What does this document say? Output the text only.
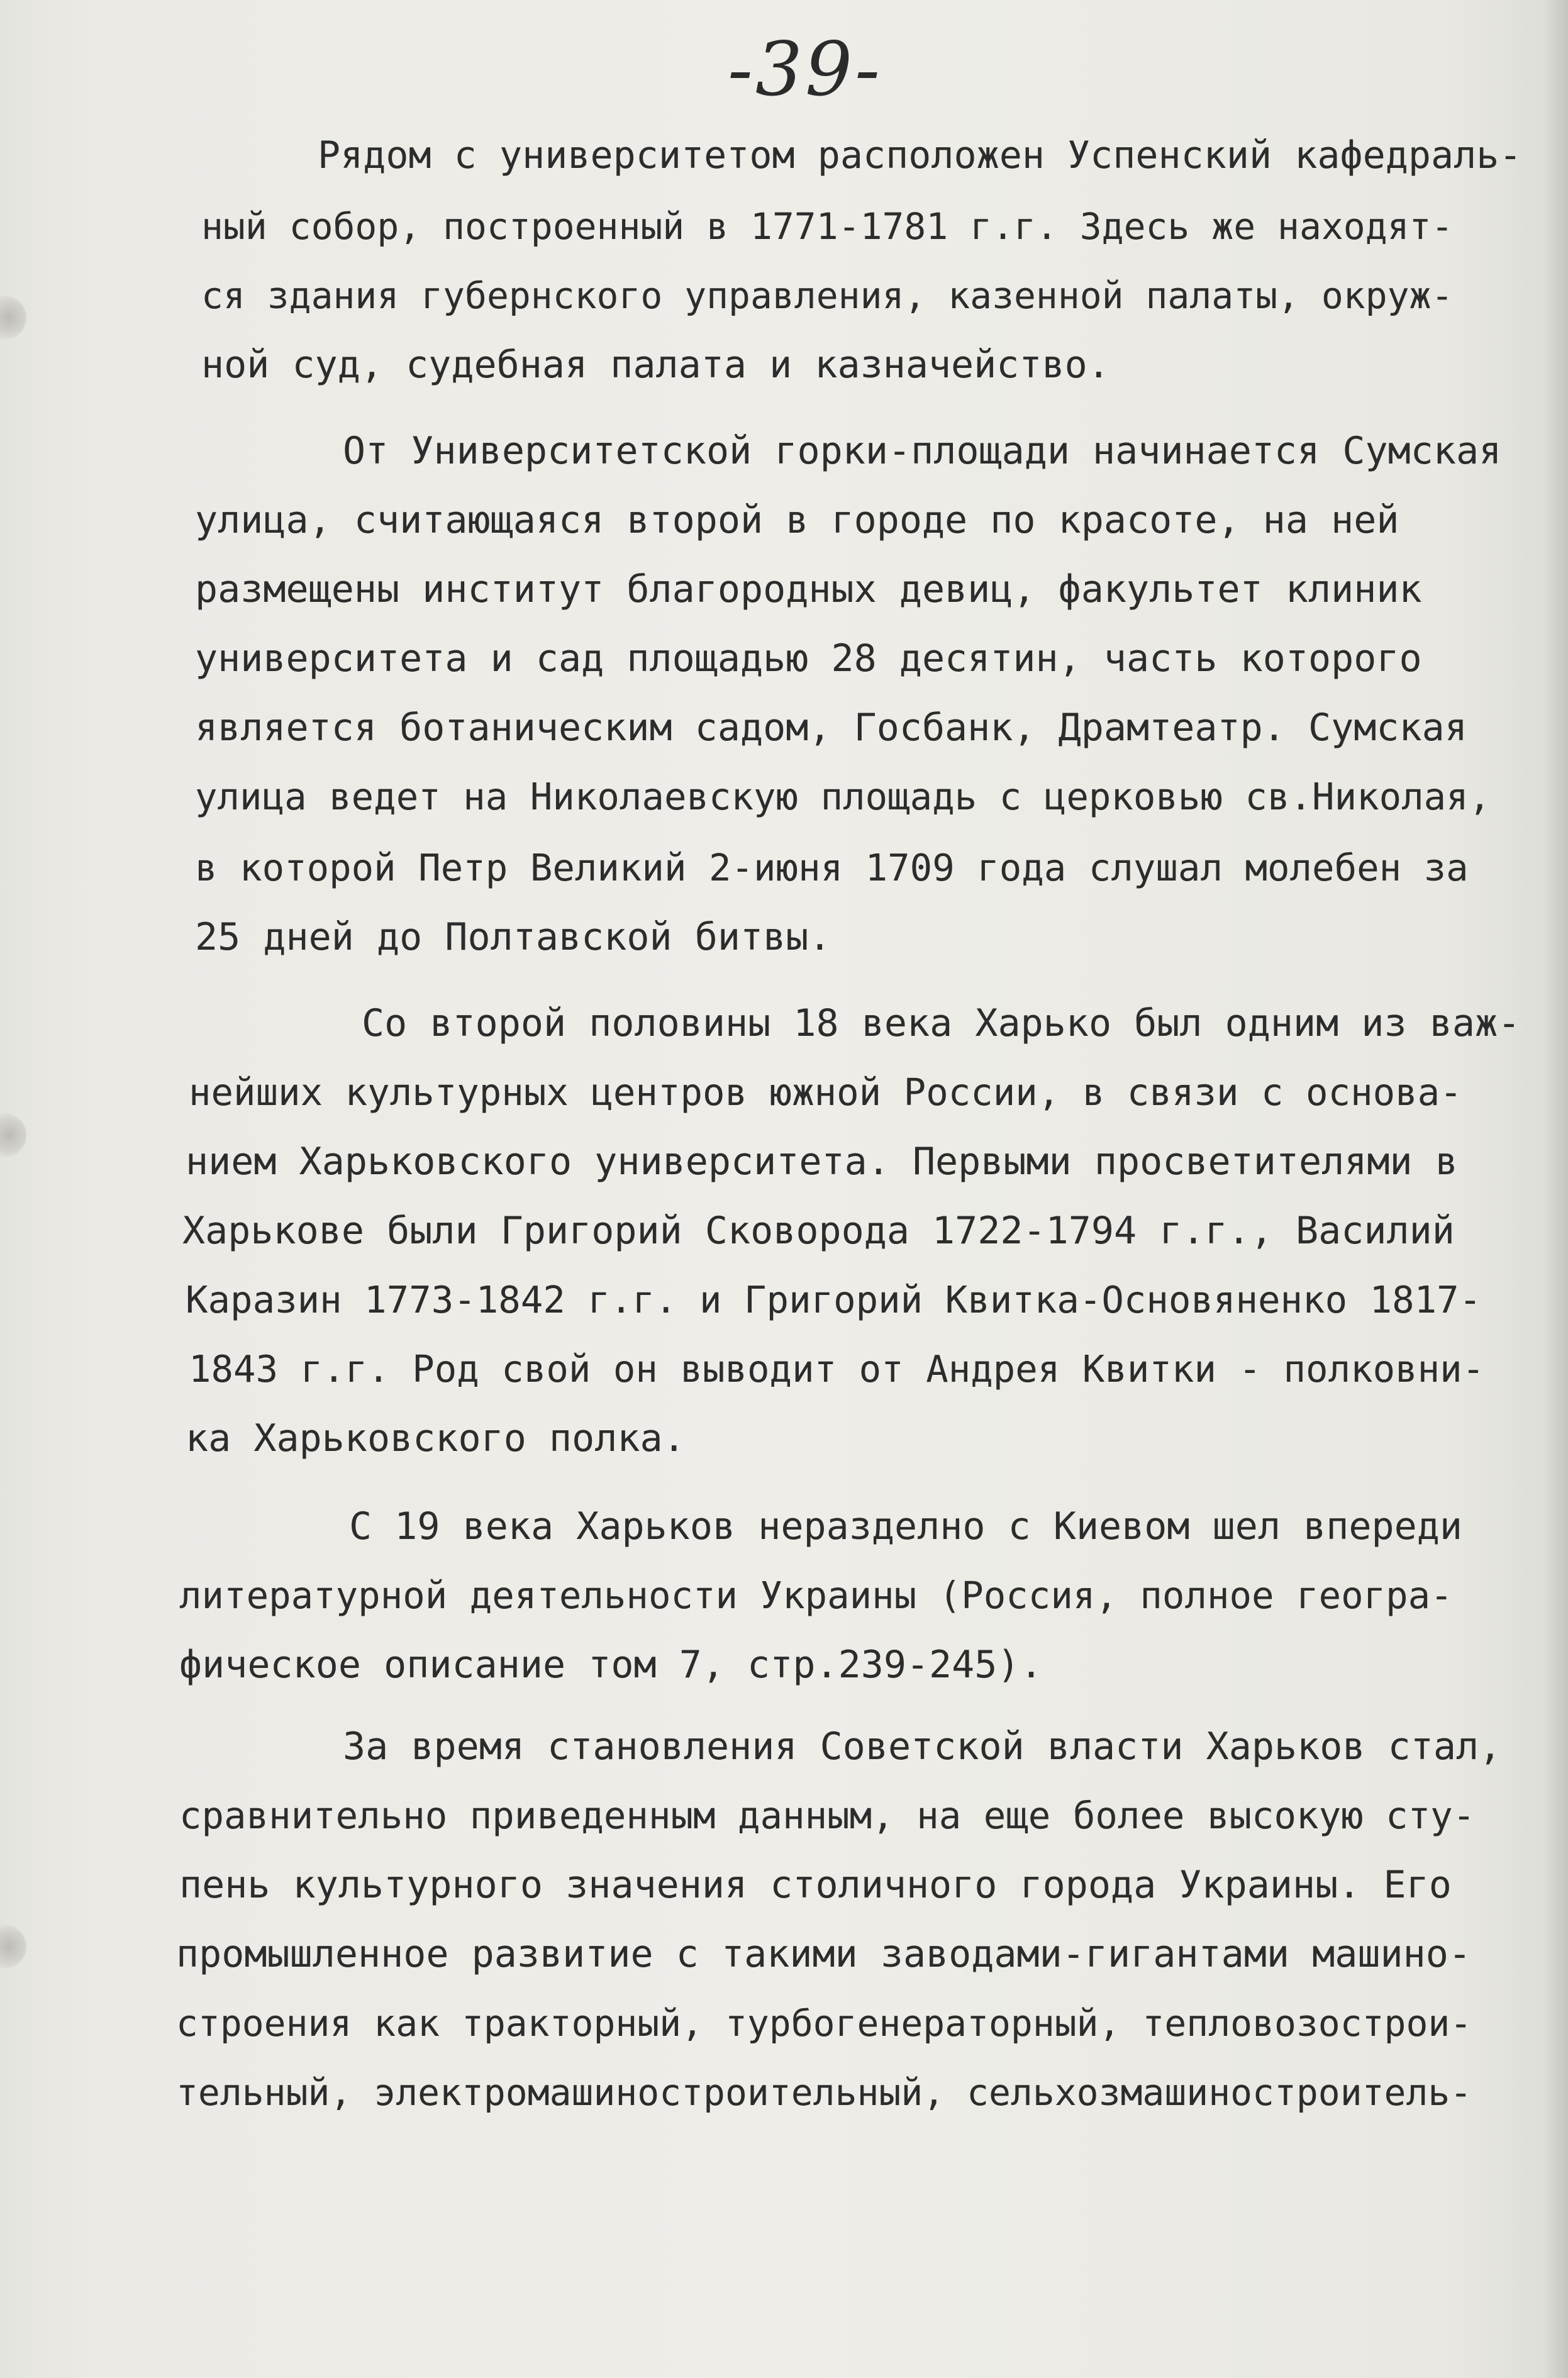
-39-
Рядом с университетом расположен Успенский кафедраль-
ный собор, построенный в 1771-1781 г.г. Здесь же находят-
ся здания губернского управления, казенной палаты, окруж-
ной суд, судебная палата и казначейство.
От Университетской горки-площади начинается Сумская
улица, считающаяся второй в городе по красоте, на ней
размещены институт благородных девиц, факультет клиник
университета и сад площадью 28 десятин, часть которого
является ботаническим садом, Госбанк, Драмтеатр. Сумская
улица ведет на Николаевскую площадь с церковью св.Николая,
в которой Петр Великий 2-июня 1709 года слушал молебен за
25 дней до Полтавской битвы.
Со второй половины 18 века Харько был одним из важ-
нейших культурных центров южной России, в связи с основа-
нием Харьковского университета. Первыми просветителями в
Харькове были Григорий Сковорода 1722-1794 г.г., Василий
Каразин 1773-1842 г.г. и Григорий Квитка-Основяненко 1817-
1843 г.г. Род свой он выводит от Андрея Квитки - полковни-
ка Харьковского полка.
С 19 века Харьков неразделно с Киевом шел впереди
литературной деятельности Украины (Россия, полное геогра-
фическое описание том 7, стр.239-245).
За время становления Советской власти Харьков стал,
сравнительно приведенным данным, на еще более высокую сту-
пень культурного значения столичного города Украины. Его
промышленное развитие с такими заводами-гигантами машино-
строения как тракторный, турбогенераторный, тепловозострои-
тельный, электромашиностроительный, сельхозмашиностроитель-
